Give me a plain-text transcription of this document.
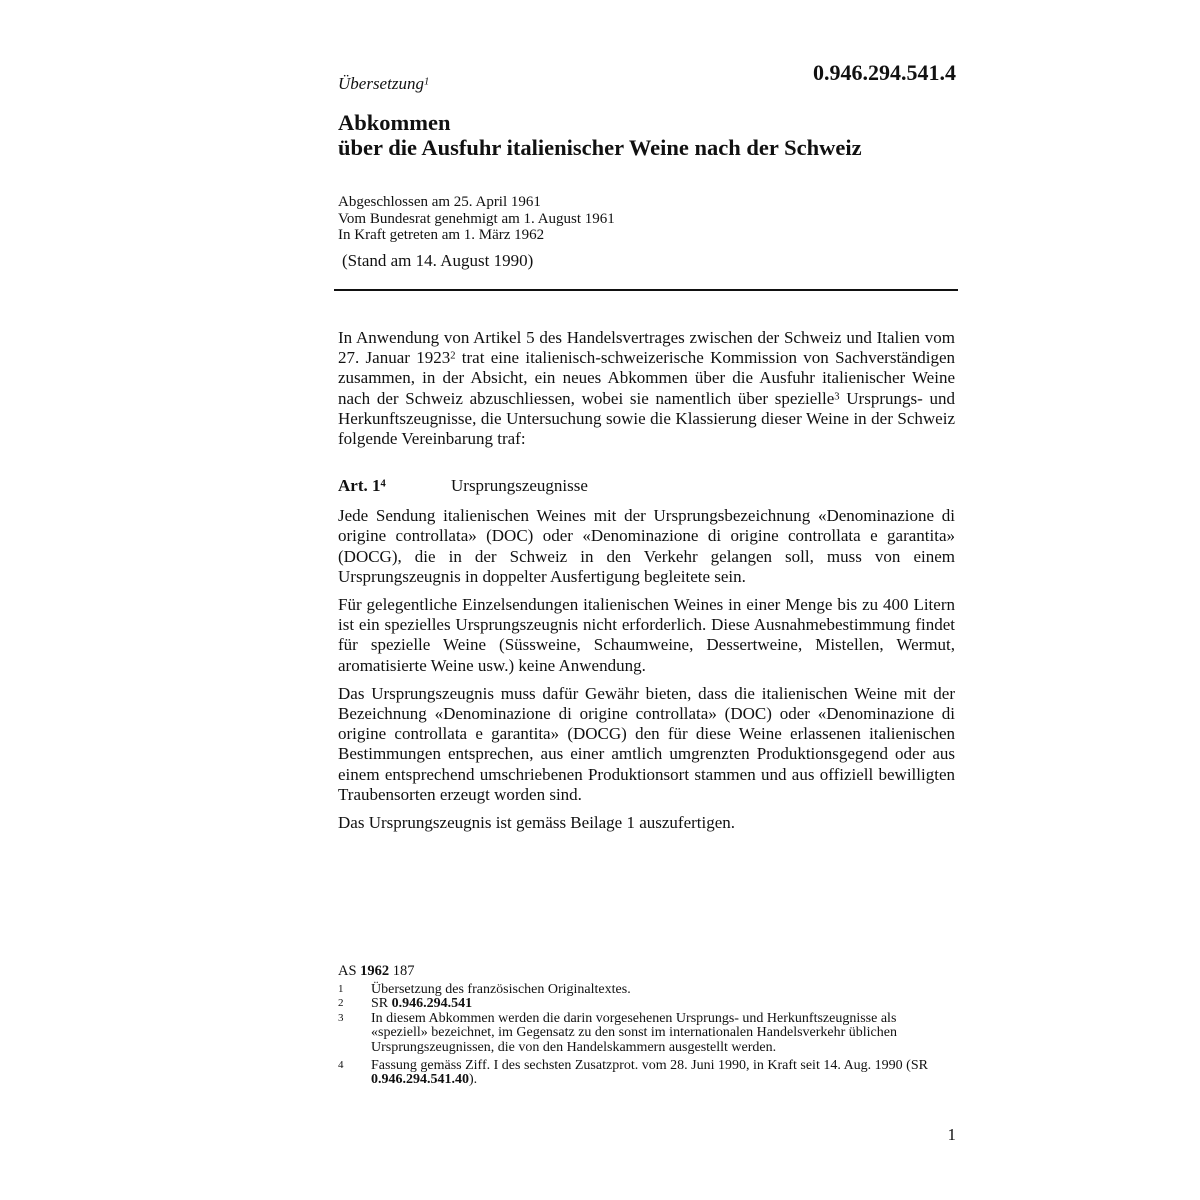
Übersetzung$^1$	0.946.294.541.4
Abkommen
über die Ausfuhr italienischer Weine nach der Schweiz
Abgeschlossen am 25. April 1961
Vom Bundesrat genehmigt am 1. August 1961
In Kraft getreten am 1. März 1962
(Stand am 14. August 1990)

In Anwendung von Artikel 5 des Handelsvertrages zwischen der Schweiz und Italien vom 27. Januar 1923$^2$ trat eine italienisch-schweizerische Kommission von Sachverständigen zusammen, in der Absicht, ein neues Abkommen über die Ausfuhr italienischer Weine nach der Schweiz abzuschliessen, wobei sie namentlich über spezielle$^3$ Ursprungs- und Herkunftszeugnisse, die Untersuchung sowie die Klassierung dieser Weine in der Schweiz folgende Vereinbarung traf:

Art. $1^4$	Ursprungszeugnisse

Jede Sendung italienischen Weines mit der Ursprungsbezeichnung «Denominazione di origine controllata» (DOC) oder «Denominazione di origine controllata e garantita» (DOCG), die in der Schweiz in den Verkehr gelangen soll, muss von einem Ursprungszeugnis in doppelter Ausfertigung begleitete sein.

Für gelegentliche Einzelsendungen italienischen Weines in einer Menge bis zu 400 Litern ist ein spezielles Ursprungszeugnis nicht erforderlich. Diese Ausnahmebestimmung findet für spezielle Weine (Süssweine, Schaumweine, Dessertweine, Mistellen, Wermut, aromatisierte Weine usw.) keine Anwendung.

Das Ursprungszeugnis muss dafür Gewähr bieten, dass die italienischen Weine mit der Bezeichnung «Denominazione di origine controllata» (DOC) oder «Denominazione di origine controllata e garantita» (DOCG) den für diese Weine erlassenen italienischen Bestimmungen entsprechen, aus einer amtlich umgrenzten Produktionsgegend oder aus einem entsprechend umschriebenen Produktionsort stammen und aus offiziell bewilligten Traubensorten erzeugt worden sind.

Das Ursprungszeugnis ist gemäss Beilage 1 auszufertigen.

AS 1962 187
1	Übersetzung des französischen Originaltextes.
2	SR 0.946.294.541
3	In diesem Abkommen werden die darin vorgesehenen Ursprungs- und Herkunftszeugnisse als «speziell» bezeichnet, im Gegensatz zu den sonst im internationalen Handelsverkehr üblichen Ursprungszeugnissen, die von den Handelskammern ausgestellt werden.
4	Fassung gemäss Ziff. I des sechsten Zusatzprot. vom 28. Juni 1990, in Kraft seit 14. Aug. 1990 (SR 0.946.294.541.40).
1
